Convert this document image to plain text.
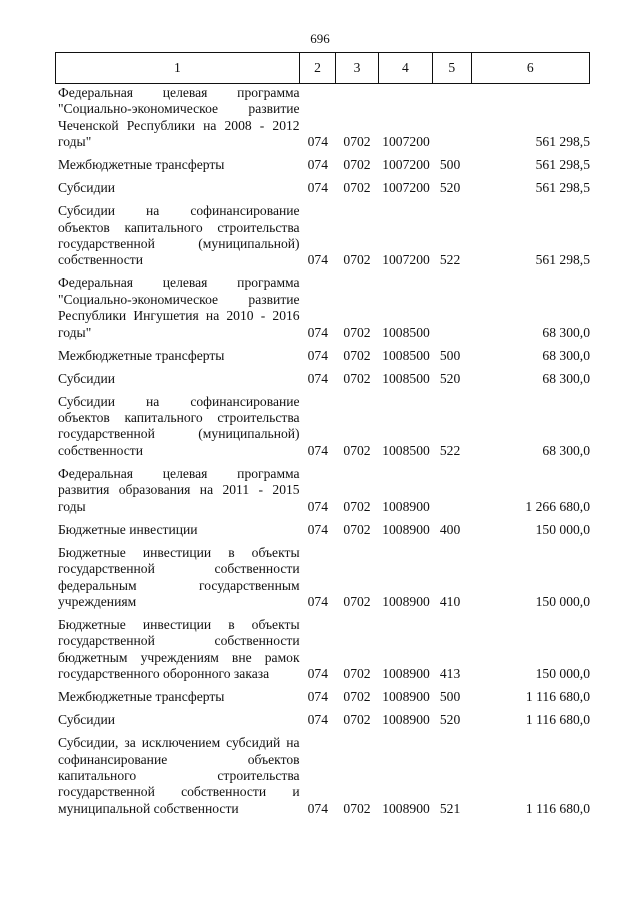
696
1	2	3	4	5	6
Федеральная целевая программа "Социально-экономическое развитие Чеченской Республики на 2008 - 2012 годы"	074	0702 1007200	561 298,5
Межбюджетные трансферты	074	0702 1007200 500	561 298,5
Субсидии	074	0702 1007200 520	561 298,5
Субсидии на софинансирование объектов капитального строительства государственной (муниципальной) собственности	074	0702 1007200 522	561 298,5
Федеральная целевая программа "Социально-экономическое развитие Республики Ингушетия на 2010 - 2016 годы"	074	0702 1008500	68 300,0
Межбюджетные трансферты	074	0702 1008500 500	68 300,0
Субсидии	074	0702 1008500 520	68 300,0
Субсидии на софинансирование объектов капитального строительства государственной (муниципальной) собственности	074	0702 1008500 522	68 300,0
Федеральная целевая программа развития образования на 2011 - 2015 годы	074	0702 1008900	1 266 680,0
Бюджетные инвестиции	074	0702 1008900 400	150 000,0
Бюджетные инвестиции в объекты государственной собственности федеральным государственным учреждениям	074	0702 1008900 410	150 000,0
Бюджетные инвестиции в объекты государственной собственности бюджетным учреждениям вне рамок государственного оборонного заказа	074	0702 1008900 413	150 000,0
Межбюджетные трансферты	074	0702 1008900 500	1 116 680,0
Субсидии	074	0702 1008900 520	1 116 680,0
Субсидии, за исключением субсидий на софинансирование объектов капитального строительства государственной собственности и муниципальной собственности	074	0702 1008900 521	1 116 680,0
